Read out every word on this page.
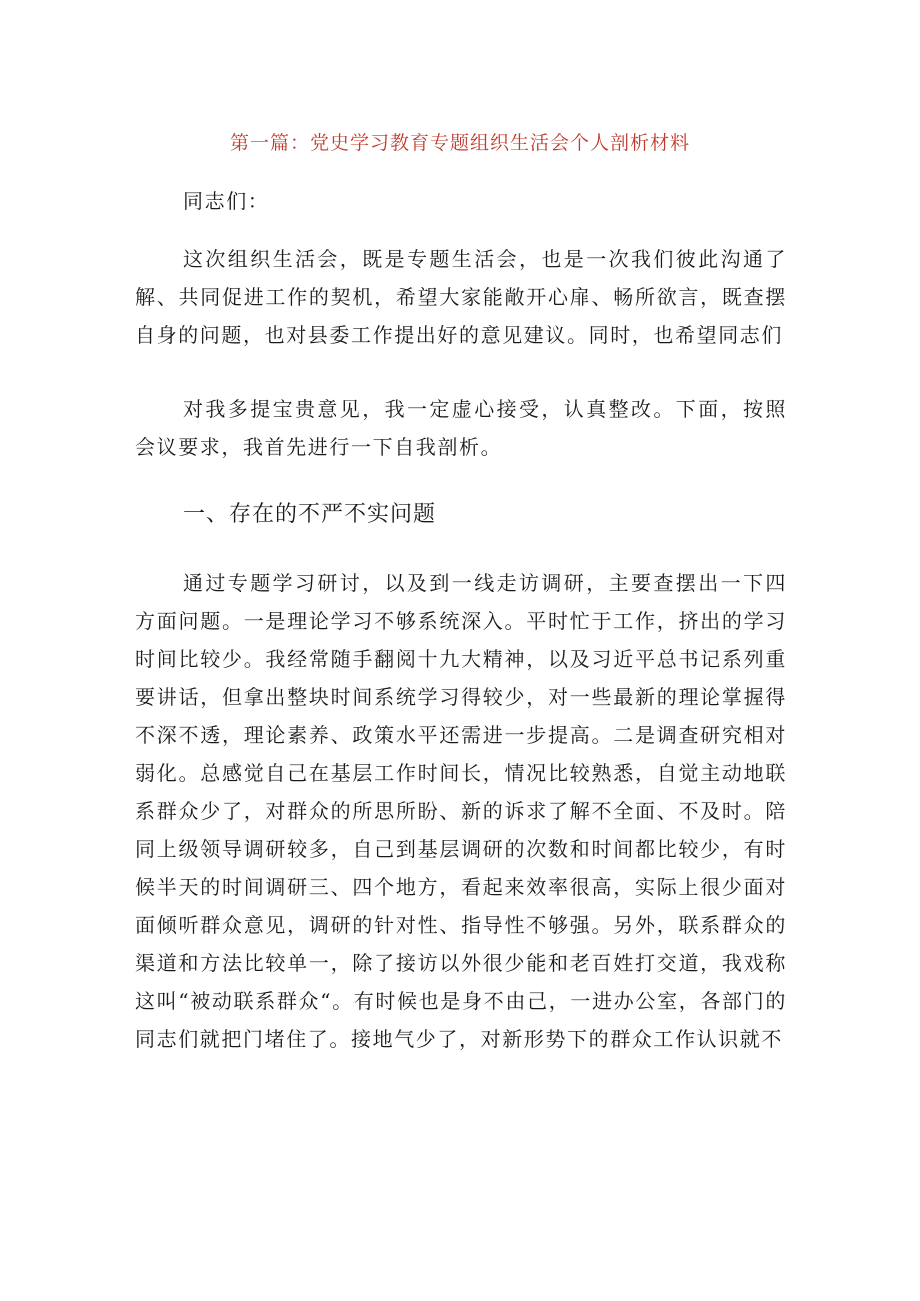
第一篇：党史学习教育专题组织生活会个人剖析材料

同志们：

这次组织生活会，既是专题生活会，也是一次我们彼此沟通了解、共同促进工作的契机，希望大家能敞开心扉、畅所欲言，既查摆自身的问题，也对县委工作提出好的意见建议。同时，也希望同志们

对我多提宝贵意见，我一定虚心接受，认真整改。下面，按照会议要求，我首先进行一下自我剖析。

一、存在的不严不实问题

通过专题学习研讨，以及到一线走访调研，主要查摆出一下四方面问题。一是理论学习不够系统深入。平时忙于工作，挤出的学习时间比较少。我经常随手翻阅十九大精神，以及习近平总书记系列重要讲话，但拿出整块时间系统学习得较少，对一些最新的理论掌握得不深不透，理论素养、政策水平还需进一步提高。二是调查研究相对弱化。总感觉自己在基层工作时间长，情况比较熟悉，自觉主动地联系群众少了，对群众的所思所盼、新的诉求了解不全面、不及时。陪同上级领导调研较多，自己到基层调研的次数和时间都比较少，有时候半天的时间调研三、四个地方，看起来效率很高，实际上很少面对面倾听群众意见，调研的针对性、指导性不够强。另外，联系群众的渠道和方法比较单一，除了接访以外很少能和老百姓打交道，我戏称这叫“被动联系群众“。有时候也是身不由己，一进办公室，各部门的同志们就把门堵住了。接地气少了，对新形势下的群众工作认识就不
